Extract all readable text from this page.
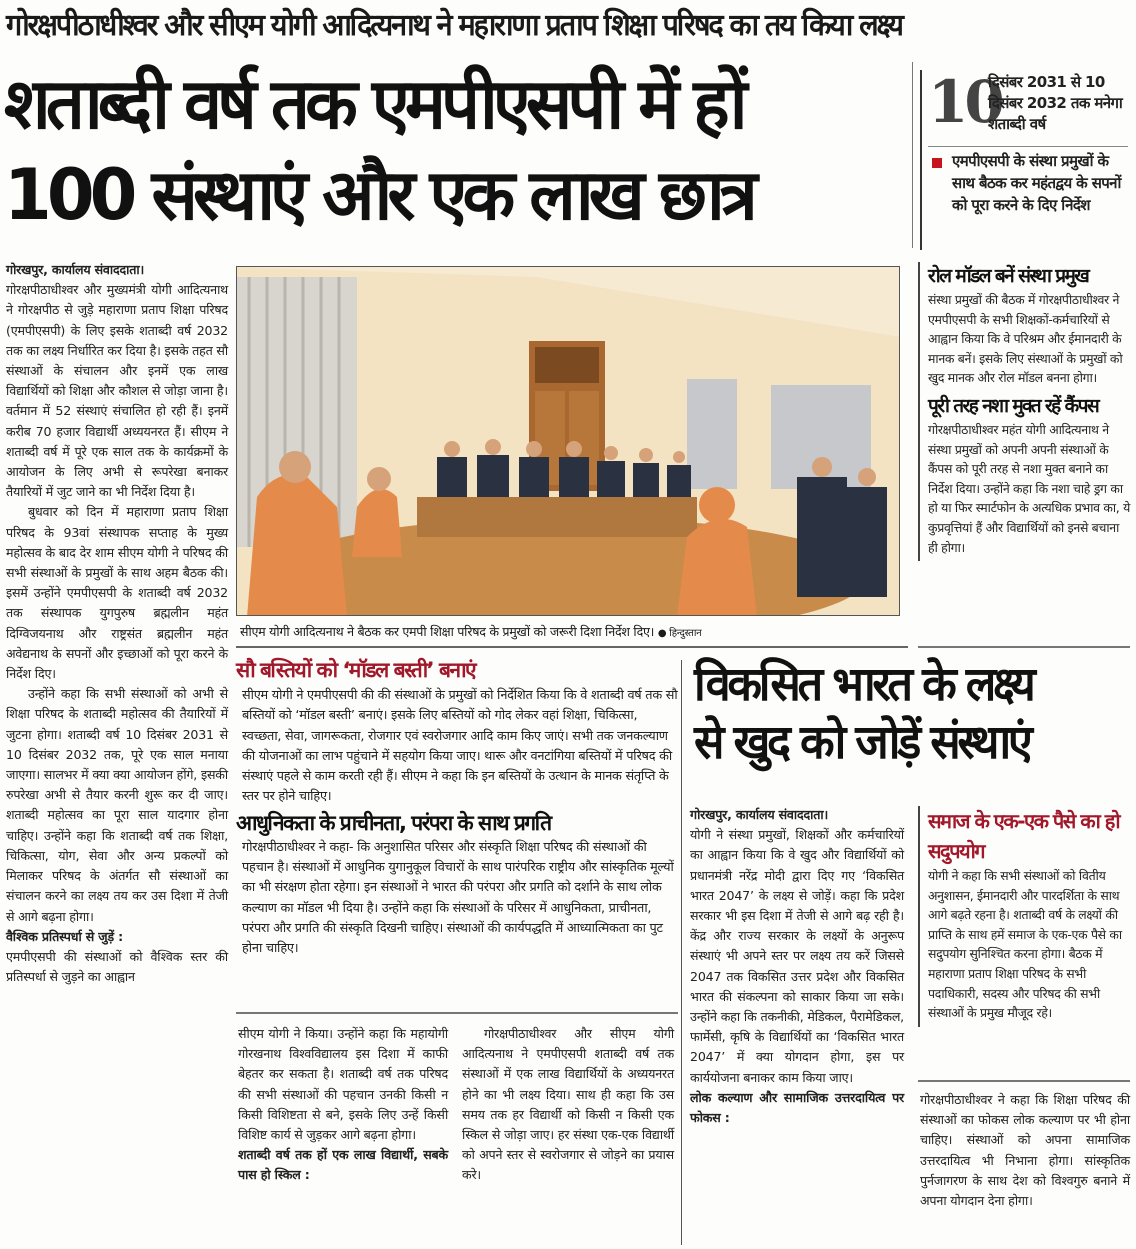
गोरक्षपीठाधीश्वर और सीएम योगी आदित्यनाथ ने महाराणा प्रताप शिक्षा परिषद का तय किया लक्ष्य
शताब्दी वर्ष तक एमपीएसपी में हों
100 संस्थाएं और एक लाख छात्र
10
दिसंबर 2031 से 10 दिसंबर 2032 तक मनेगा शताब्दी वर्ष
एमपीएसपी के संस्था प्रमुखों के साथ बैठक कर महंतद्वय के सपनों को पूरा करने के दिए निर्देश

गोरखपुर, कार्यालय संवाददाता।

गोरक्षपीठाधीश्वर और मुख्यमंत्री योगी आदित्यनाथ ने गोरक्षपीठ से जुड़े महाराणा प्रताप शिक्षा परिषद (एमपीएसपी) के लिए इसके शताब्दी वर्ष 2032 तक का लक्ष्य निर्धारित कर दिया है। इसके तहत सौ संस्थाओं के संचालन और इनमें एक लाख विद्यार्थियों को शिक्षा और कौशल से जोड़ा जाना है। वर्तमान में 52 संस्थाएं संचालित हो रही हैं। इनमें करीब 70 हजार विद्यार्थी अध्ययनरत हैं। सीएम ने शताब्दी वर्ष में पूरे एक साल तक के कार्यक्रमों के आयोजन के लिए अभी से रूपरेखा बनाकर तैयारियों में जुट जाने का भी निर्देश दिया है।

बुधवार को दिन में महाराणा प्रताप शिक्षा परिषद के 93वां संस्थापक सप्ताह के मुख्य महोत्सव के बाद देर शाम सीएम योगी ने परिषद की सभी संस्थाओं के प्रमुखों के साथ अहम बैठक की। इसमें उन्होंने एमपीएसपी के शताब्दी वर्ष 2032 तक संस्थापक युगपुरुष ब्रह्मलीन महंत दिग्विजयनाथ और राष्ट्रसंत ब्रह्मलीन महंत अवेद्यनाथ के सपनों और इच्छाओं को पूरा करने के निर्देश दिए।

उन्होंने कहा कि सभी संस्थाओं को अभी से शिक्षा परिषद के शताब्दी महोत्सव की तैयारियों में जुटना होगा। शताब्दी वर्ष 10 दिसंबर 2031 से 10 दिसंबर 2032 तक, पूरे एक साल मनाया जाएगा। सालभर में क्या क्या आयोजन होंगे, इसकी रुपरेखा अभी से तैयार करनी शुरू कर दी जाए। शताब्दी महोत्सव का पूरा साल यादगार होना चाहिए। उन्होंने कहा कि शताब्दी वर्ष तक शिक्षा, चिकित्सा, योग, सेवा और अन्य प्रकल्पों को मिलाकर परिषद के अंतर्गत सौ संस्थाओं का संचालन करने का लक्ष्य तय कर उस दिशा में तेजी से आगे बढ़ना होगा।

वैश्विक प्रतिस्पर्धा से जुड़ें :

एमपीएसपी की संस्थाओं को वैश्विक स्तर की प्रतिस्पर्धा से जुड़ने का आह्वान

सीएम योगी आदित्यनाथ ने बैठक कर एमपी शिक्षा परिषद के प्रमुखों को जरूरी दिशा निर्देश दिए। ● हिन्दुस्तान
सौ बस्तियों को ‘मॉडल बस्ती’ बनाएं

सीएम योगी ने एमपीएसपी की की संस्थाओं के प्रमुखों को निर्देशित किया कि वे शताब्दी वर्ष तक सौ बस्तियों को ‘मॉडल बस्ती’ बनाएं। इसके लिए बस्तियों को गोद लेकर वहां शिक्षा, चिकित्सा, स्वच्छता, सेवा, जागरूकता, रोजगार एवं स्वरोजगार आदि काम किए जाएं। सभी तक जनकल्याण की योजनाओं का लाभ पहुंचाने में सहयोग किया जाए। थारू और वनटांगिया बस्तियों में परिषद की संस्थाएं पहले से काम करती रही हैं। सीएम ने कहा कि इन बस्तियों के उत्थान के मानक संतृप्ति के स्तर पर होने चाहिए।

आधुनिकता के प्राचीनता, परंपरा के साथ प्रगति

गोरक्षपीठाधीश्वर ने कहा- कि अनुशासित परिसर और संस्कृति शिक्षा परिषद की संस्थाओं की पहचान है। संस्थाओं में आधुनिक युगानुकूल विचारों के साथ पारंपरिक राष्ट्रीय और सांस्कृतिक मूल्यों का भी संरक्षण होता रहेगा। इन संस्थाओं ने भारत की परंपरा और प्रगति को दर्शाने के साथ लोक कल्याण का मॉडल भी दिया है। उन्होंने कहा कि संस्थाओं के परिसर में आधुनिकता, प्राचीनता, परंपरा और प्रगति की संस्कृति दिखनी चाहिए। संस्थाओं की कार्यपद्धति में आध्यात्मिकता का पुट होना चाहिए।

सीएम योगी ने किया। उन्होंने कहा कि महायोगी गोरखनाथ विश्वविद्यालय इस दिशा में काफी बेहतर कर सकता है। शताब्दी वर्ष तक परिषद की सभी संस्थाओं की पहचान उनकी किसी न किसी विशिष्टता से बने, इसके लिए उन्हें किसी विशिष्ट कार्य से जुड़कर आगे बढ़ना होगा।

शताब्दी वर्ष तक हों एक लाख विद्यार्थी, सबके पास हो स्किल :

गोरक्षपीठाधीश्वर और सीएम योगी आदित्यनाथ ने एमपीएसपी शताब्दी वर्ष तक संस्थाओं में एक लाख विद्यार्थियों के अध्ययनरत होने का भी लक्ष्य दिया। साथ ही कहा कि उस समय तक हर विद्यार्थी को किसी न किसी एक स्किल से जोड़ा जाए। हर संस्था एक-एक विद्यार्थी को अपने स्तर से स्वरोजगार से जोड़ने का प्रयास करे।

विकसित भारत के लक्ष्य
से खुद को जोड़ें संस्थाएं

गोरखपुर, कार्यालय संवाददाता।

योगी ने संस्था प्रमुखों, शिक्षकों और कर्मचारियों का आह्वान किया कि वे खुद और विद्यार्थियों को प्रधानमंत्री नरेंद्र मोदी द्वारा दिए गए ‘विकसित भारत 2047’ के लक्ष्य से जोड़ें। कहा कि प्रदेश सरकार भी इस दिशा में तेजी से आगे बढ़ रही है। केंद्र और राज्य सरकार के लक्ष्यों के अनुरूप संस्थाएं भी अपने स्तर पर लक्ष्य तय करें जिससे 2047 तक विकसित उत्तर प्रदेश और विकसित भारत की संकल्पना को साकार किया जा सके। उन्होंने कहा कि तकनीकी, मेडिकल, पैरामेडिकल, फार्मेसी, कृषि के विद्यार्थियों का ‘विकसित भारत 2047’ में क्या योगदान होगा, इस पर कार्ययोजना बनाकर काम किया जाए।

लोक कल्याण और सामाजिक उत्तरदायित्व पर फोकस :

समाज के एक-एक पैसे का हो सदुपयोग

योगी ने कहा कि सभी संस्थाओं को वितीय अनुशासन, ईमानदारी और पारदर्शिता के साथ आगे बढ़ते रहना है। शताब्दी वर्ष के लक्ष्यों की प्राप्ति के साथ हमें समाज के एक-एक पैसे का सदुपयोग सुनिश्चित करना होगा। बैठक में महाराणा प्रताप शिक्षा परिषद के सभी पदाधिकारी, सदस्य और परिषद की सभी संस्थाओं के प्रमुख मौजूद रहे।

गोरक्षपीठाधीश्वर ने कहा कि शिक्षा परिषद की संस्थाओं का फोकस लोक कल्याण पर भी होना चाहिए। संस्थाओं को अपना सामाजिक उत्तरदायित्व भी निभाना होगा। सांस्कृतिक पुर्नजागरण के साथ देश को विश्वगुरु बनाने में अपना योगदान देना होगा।

रोल मॉडल बनें संस्था प्रमुख

संस्था प्रमुखों की बैठक में गोरक्षपीठाधीश्वर ने एमपीएसपी के सभी शिक्षकों-कर्मचारियों से आह्वान किया कि वे परिश्रम और ईमानदारी के मानक बनें। इसके लिए संस्थाओं के प्रमुखों को खुद मानक और रोल मॉडल बनना होगा।

पूरी तरह नशा मुक्त रहें कैंपस

गोरक्षपीठाधीश्वर महंत योगी आदित्यनाथ ने संस्था प्रमुखों को अपनी अपनी संस्थाओं के कैंपस को पूरी तरह से नशा मुक्त बनाने का निर्देश दिया। उन्होंने कहा कि नशा चाहे ड्रग का हो या फिर स्मार्टफोन के अत्यधिक प्रभाव का, ये कुप्रवृत्तियां हैं और विद्यार्थियों को इनसे बचाना ही होगा।
